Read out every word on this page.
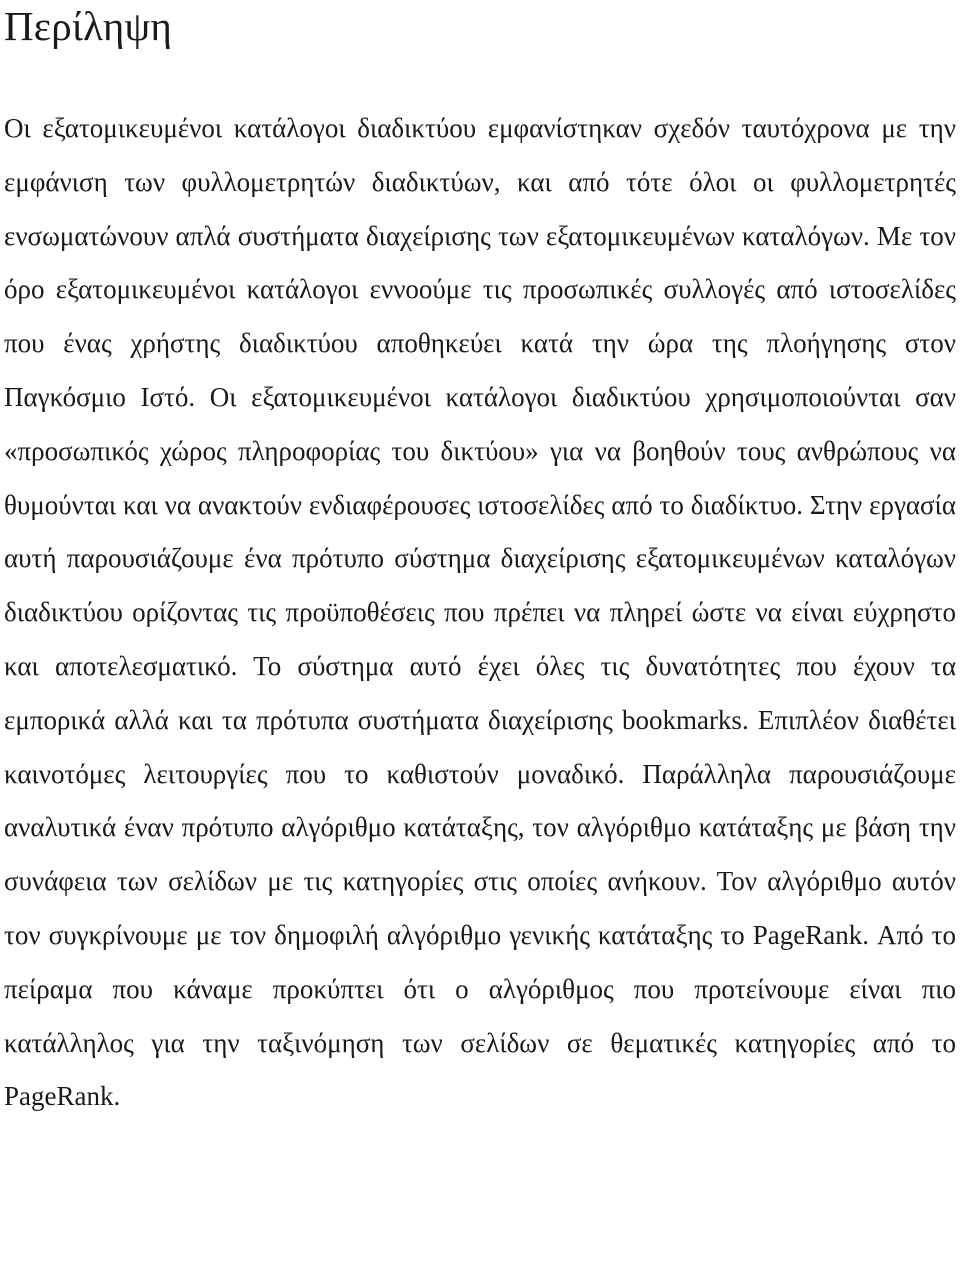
Περίληψη

Οι εξατομικευμένοι κατάλογοι διαδικτύου εμφανίστηκαν σχεδόν ταυτόχρονα με την εμφάνιση των φυλλομετρητών διαδικτύων, και από τότε όλοι οι φυλλομετρητές ενσωματώνουν απλά συστήματα διαχείρισης των εξατομικευμένων καταλόγων. Με τον όρο εξατομικευμένοι κατάλογοι εννοούμε τις προσωπικές συλλογές από ιστοσελίδες που ένας χρήστης διαδικτύου αποθηκεύει κατά την ώρα της πλοήγησης στον Παγκόσμιο Ιστό. Οι εξατομικευμένοι κατάλογοι διαδικτύου χρησιμοποιούνται σαν «προσωπικός χώρος πληροφορίας του δικτύου» για να βοηθούν τους ανθρώπους να θυμούνται και να ανακτούν ενδιαφέρουσες ιστοσελίδες από το διαδίκτυο. Στην εργασία αυτή παρουσιάζουμε ένα πρότυπο σύστημα διαχείρισης εξατομικευμένων καταλόγων διαδικτύου ορίζοντας τις προϋποθέσεις που πρέπει να πληρεί ώστε να είναι εύχρηστο και αποτελεσματικό. Το σύστημα αυτό έχει όλες τις δυνατότητες που έχουν τα εμπορικά αλλά και τα πρότυπα συστήματα διαχείρισης bookmarks. Επιπλέον διαθέτει καινοτόμες λειτουργίες που το καθιστούν μοναδικό. Παράλληλα παρουσιάζουμε αναλυτικά έναν πρότυπο αλγόριθμο κατάταξης, τον αλγόριθμο κατάταξης με βάση την συνάφεια των σελίδων με τις κατηγορίες στις οποίες ανήκουν. Τον αλγόριθμο αυτόν τον συγκρίνουμε με τον δημοφιλή αλγόριθμο γενικής κατάταξης το PageRank. Από το πείραμα που κάναμε προκύπτει ότι ο αλγόριθμος που προτείνουμε είναι πιο κατάλληλος για την ταξινόμηση των σελίδων σε θεματικές κατηγορίες από το PageRank.
